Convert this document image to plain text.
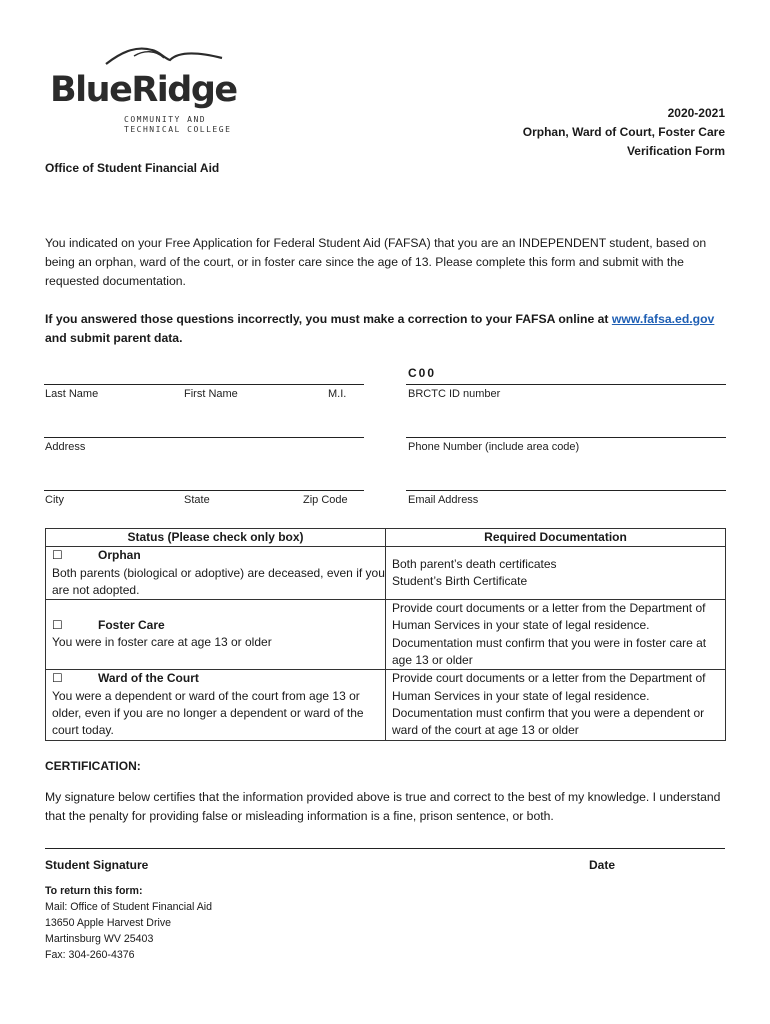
BlueRidge
COMMUNITY AND
TECHNICAL COLLEGE
2020-2021
Orphan, Ward of Court, Foster Care
Verification Form
Office of Student Financial Aid
You indicated on your Free Application for Federal Student Aid (FAFSA) that you are an INDEPENDENT student, based on being an orphan, ward of the court, or in foster care since the age of 13. Please complete this form and submit with the requested documentation.
If you answered those questions incorrectly, you must make a correction to your FAFSA online at www.fafsa.ed.gov
and submit parent data.
C00
Last Name	First Name	M.I.	BRCTC ID number
Address	Phone Number (include area code)
City	State	Zip Code	Email Address
Status (Please check only box)	Required Documentation
☐ Orphan
Both parents (biological or adoptive) are deceased, even if you are not adopted.	Both parent’s death certificates
Student’s Birth Certificate
☐ Foster Care
You were in foster care at age 13 or older	Provide court documents or a letter from the Department of Human Services in your state of legal residence. Documentation must confirm that you were in foster care at age 13 or older
☐ Ward of the Court
You were a dependent or ward of the court from age 13 or older, even if you are no longer a dependent or ward of the court today.	Provide court documents or a letter from the Department of Human Services in your state of legal residence. Documentation must confirm that you were a dependent or ward of the court at age 13 or older
CERTIFICATION:
My signature below certifies that the information provided above is true and correct to the best of my knowledge. I understand that the penalty for providing false or misleading information is a fine, prison sentence, or both.
Student Signature	Date
To return this form:
Mail: Office of Student Financial Aid
13650 Apple Harvest Drive
Martinsburg WV 25403
Fax: 304-260-4376
